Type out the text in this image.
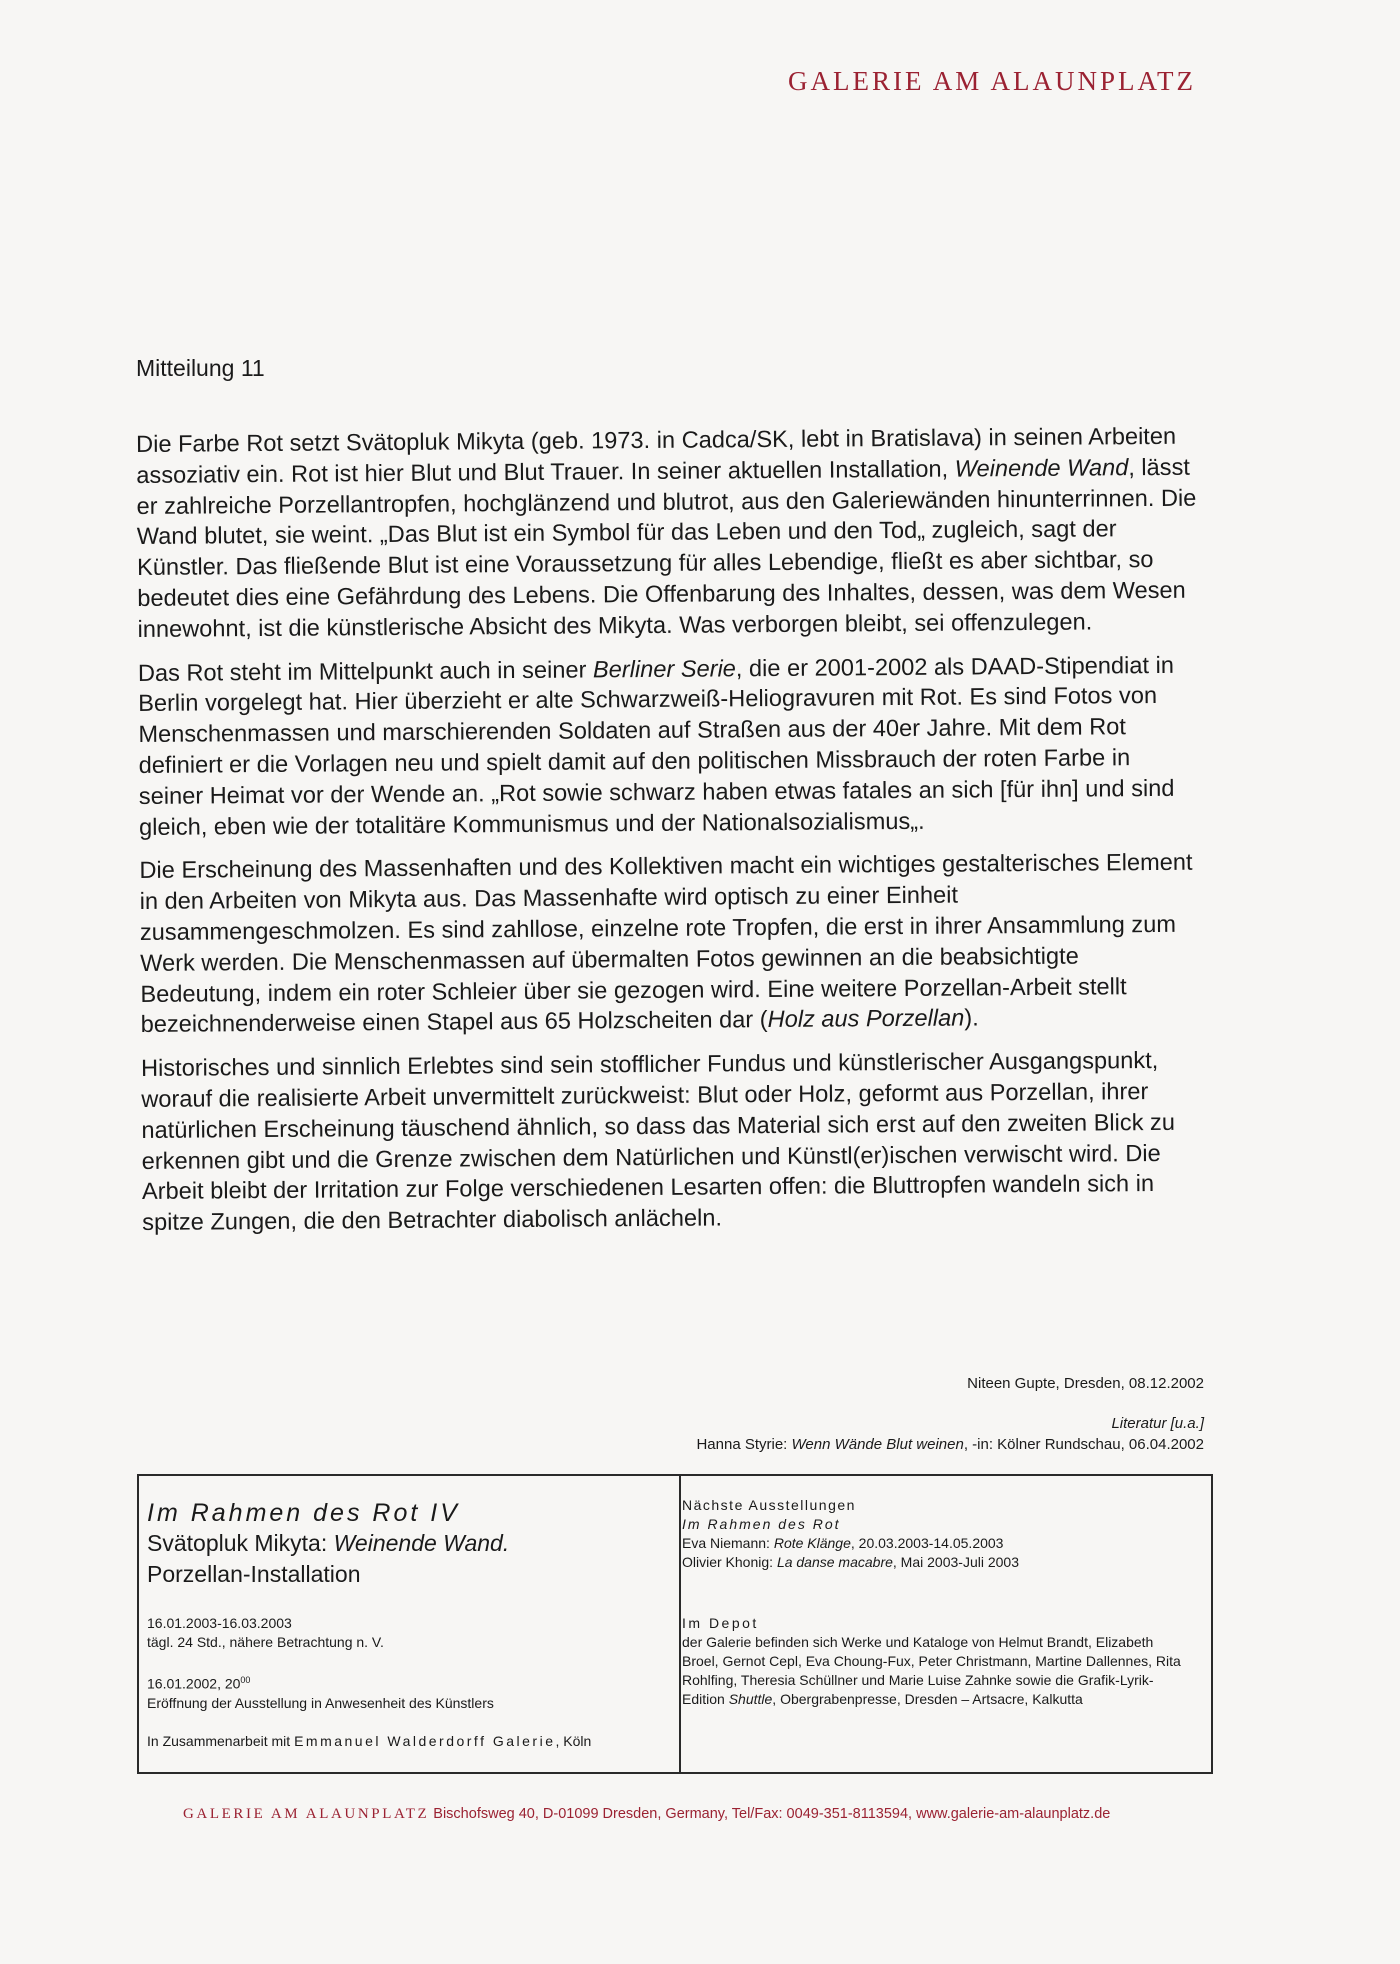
GALERIE AM ALAUNPLATZ
Mitteilung 11

Die Farbe Rot setzt Svätopluk Mikyta (geb. 1973. in Cadca/SK, lebt in Bratislava) in seinen Arbeiten assoziativ ein. Rot ist hier Blut und Blut Trauer. In seiner aktuellen Installation, Weinende Wand, lässt er zahlreiche Porzellantropfen, hochglänzend und blutrot, aus den Galeriewänden hinunterrinnen. Die Wand blutet, sie weint. „Das Blut ist ein Symbol für das Leben und den Tod„ zugleich, sagt der Künstler. Das fließende Blut ist eine Voraussetzung für alles Lebendige, fließt es aber sichtbar, so bedeutet dies eine Gefährdung des Lebens. Die Offenbarung des Inhaltes, dessen, was dem Wesen innewohnt, ist die künstlerische Absicht des Mikyta. Was verborgen bleibt, sei offenzulegen.

Das Rot steht im Mittelpunkt auch in seiner Berliner Serie, die er 2001-2002 als DAAD-Stipendiat in Berlin vorgelegt hat. Hier überzieht er alte Schwarzweiß-Heliogravuren mit Rot. Es sind Fotos von Menschenmassen und marschierenden Soldaten auf Straßen aus der 40er Jahre. Mit dem Rot definiert er die Vorlagen neu und spielt damit auf den politischen Missbrauch der roten Farbe in seiner Heimat vor der Wende an. „Rot sowie schwarz haben etwas fatales an sich [für ihn] und sind gleich, eben wie der totalitäre Kommunismus und der Nationalsozialismus„.

Die Erscheinung des Massenhaften und des Kollektiven macht ein wichtiges gestalterisches Element in den Arbeiten von Mikyta aus. Das Massenhafte wird optisch zu einer Einheit zusammengeschmolzen. Es sind zahllose, einzelne rote Tropfen, die erst in ihrer Ansammlung zum Werk werden. Die Menschenmassen auf übermalten Fotos gewinnen an die beabsichtigte Bedeutung, indem ein roter Schleier über sie gezogen wird. Eine weitere Porzellan-Arbeit stellt bezeichnenderweise einen Stapel aus 65 Holzscheiten dar (Holz aus Porzellan).

Historisches und sinnlich Erlebtes sind sein stofflicher Fundus und künstlerischer Ausgangspunkt, worauf die realisierte Arbeit unvermittelt zurückweist: Blut oder Holz, geformt aus Porzellan, ihrer natürlichen Erscheinung täuschend ähnlich, so dass das Material sich erst auf den zweiten Blick zu erkennen gibt und die Grenze zwischen dem Natürlichen und Künstl(er)ischen verwischt wird. Die Arbeit bleibt der Irritation zur Folge verschiedenen Lesarten offen: die Bluttropfen wandeln sich in spitze Zungen, die den Betrachter diabolisch anlächeln.

Niteen Gupte, Dresden, 08.12.2002
Literatur [u.a.]
Hanna Styrie: Wenn Wände Blut weinen, -in: Kölner Rundschau, 06.04.2002

Im Rahmen des Rot IV

Svätopluk Mikyta: Weinende Wand.

Porzellan-Installation

16.01.2003-16.03.2003
tägl. 24 Std., nähere Betrachtung n. V.
16.01.2002, $20^{00}$
Eröffnung der Ausstellung in Anwesenheit des Künstlers
In Zusammenarbeit mit Emmanuel Walderdorff Galerie, Köln
Nächste Ausstellungen
Im Rahmen des Rot
Eva Niemann: Rote Klänge, 20.03.2003-14.05.2003
Olivier Khonig: La danse macabre, Mai 2003-Juli 2003
Im Depot
der Galerie befinden sich Werke und Kataloge von Helmut Brandt, Elizabeth Broel, Gernot Cepl, Eva Choung-Fux, Peter Christmann, Martine Dallennes, Rita Rohlfing, Theresia Schüllner und Marie Luise Zahnke sowie die Grafik-Lyrik-Edition Shuttle, Obergrabenpresse, Dresden – Artsacre, Kalkutta
GALERIE AM ALAUNPLATZ Bischofsweg 40, D-01099 Dresden, Germany, Tel/Fax: 0049-351-8113594, www.galerie-am-alaunplatz.de
